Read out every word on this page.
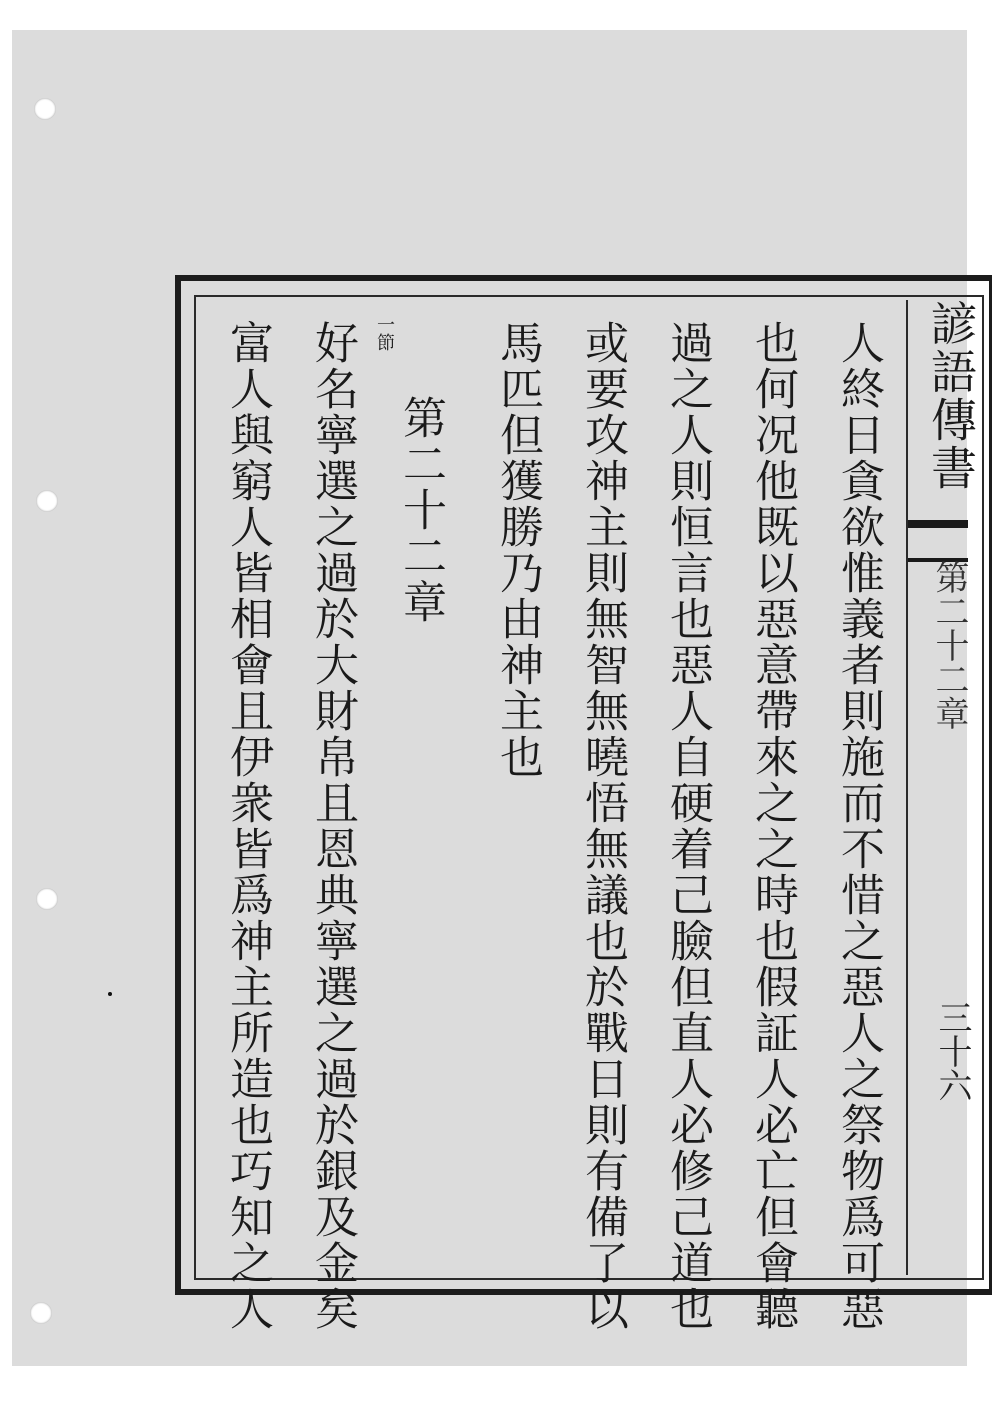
諺語傳書
第二十二章
三十六
人終日貪欲惟義者則施而不惜之惡人之祭物爲可惡
也何况他既以惡意帶來之之時也假証人必亡但會聽
過之人則恒言也惡人自硬着己臉但直人必修己道也
或要攻神主則無智無曉悟無議也於戰日則有備了以
馬匹但獲勝乃由神主也
第二十二章
一節
好名寧選之過於大財帛且恩典寧選之過於銀及金矣
富人與窮人皆相會且伊衆皆爲神主所造也巧知之人
